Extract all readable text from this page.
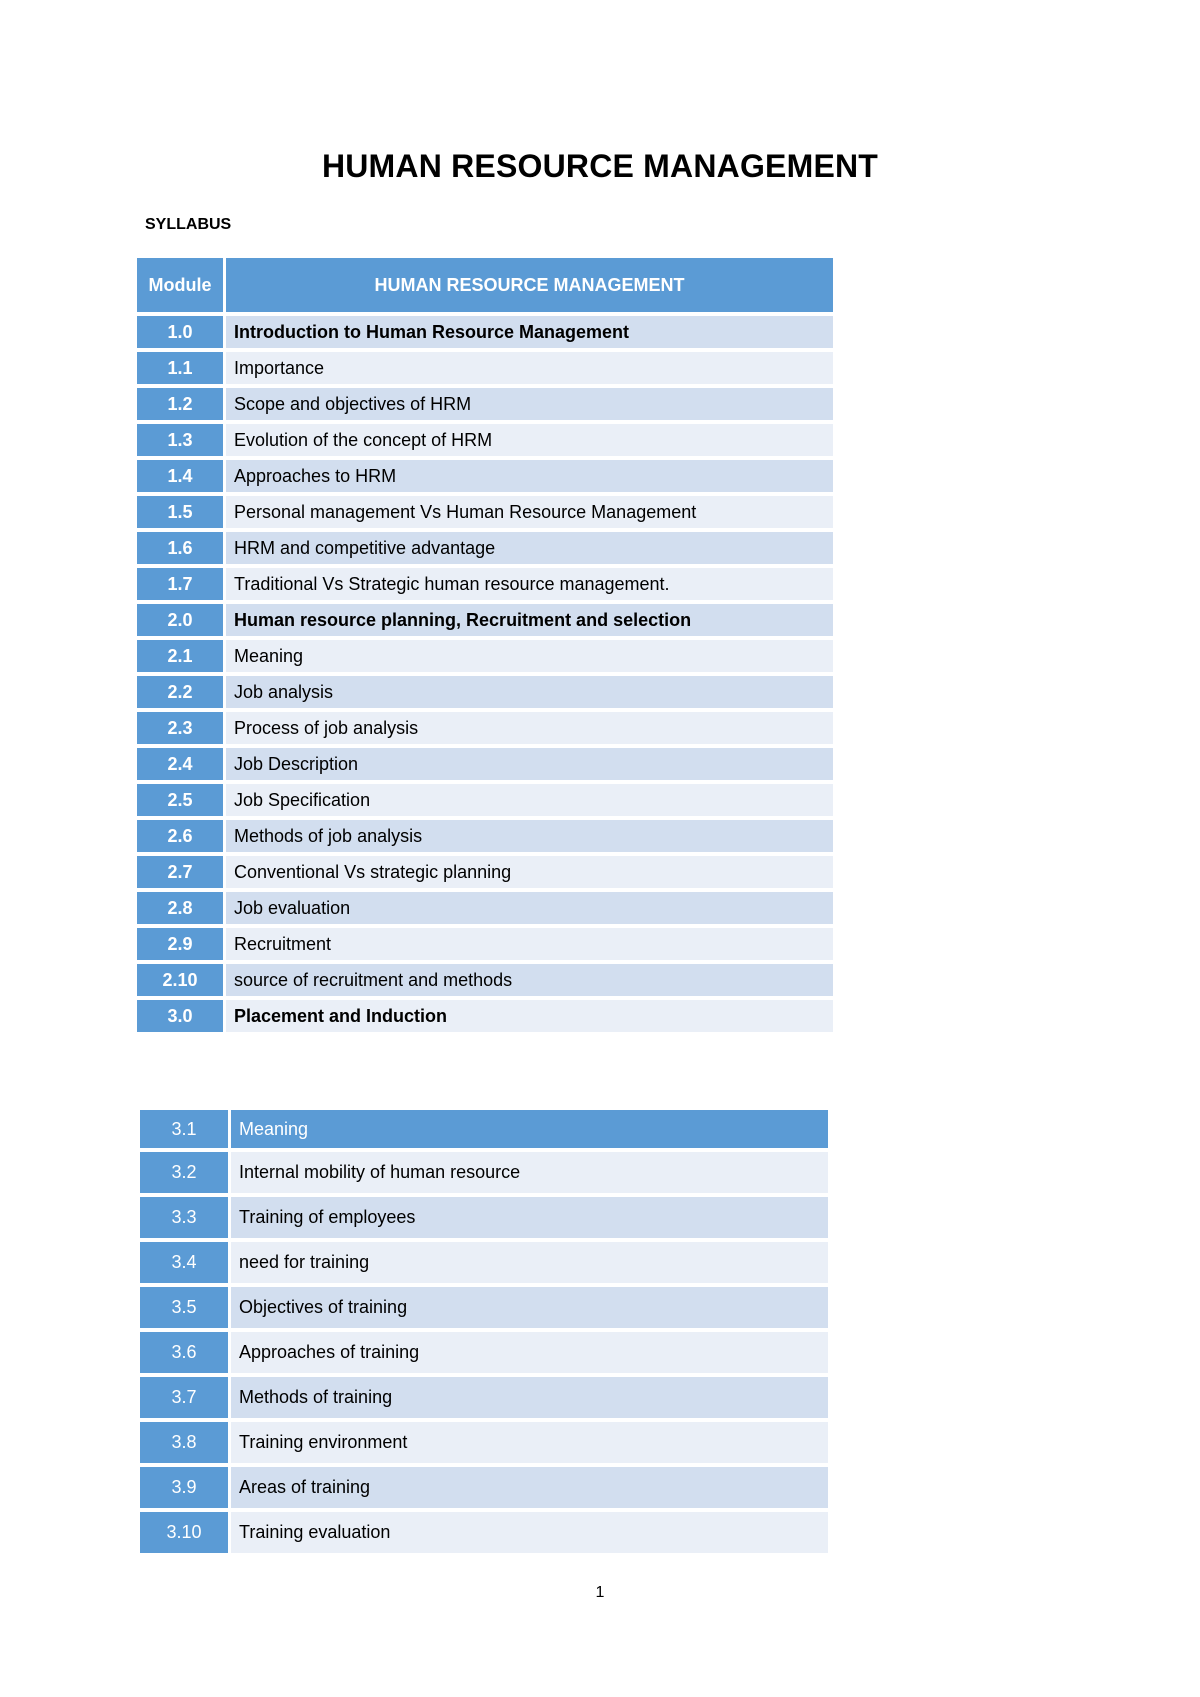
HUMAN RESOURCE MANAGEMENT
SYLLABUS
Module	HUMAN RESOURCE MANAGEMENT
1.0	Introduction to Human Resource Management
1.1	Importance
1.2	Scope and objectives of HRM
1.3	Evolution of the concept of HRM
1.4	Approaches to HRM
1.5	Personal management Vs Human Resource Management
1.6	HRM and competitive advantage
1.7	Traditional Vs Strategic human resource management.
2.0	Human resource planning, Recruitment and selection
2.1	Meaning
2.2	Job analysis
2.3	Process of job analysis
2.4	Job Description
2.5	Job Specification
2.6	Methods of job analysis
2.7	Conventional Vs strategic planning
2.8	Job evaluation
2.9	Recruitment
2.10	source of recruitment and methods
3.0	Placement and Induction
3.1	Meaning
3.2	Internal mobility of human resource
3.3	Training of employees
3.4	need for training
3.5	Objectives of training
3.6	Approaches of training
3.7	Methods of training
3.8	Training environment
3.9	Areas of training
3.10	Training evaluation
1
